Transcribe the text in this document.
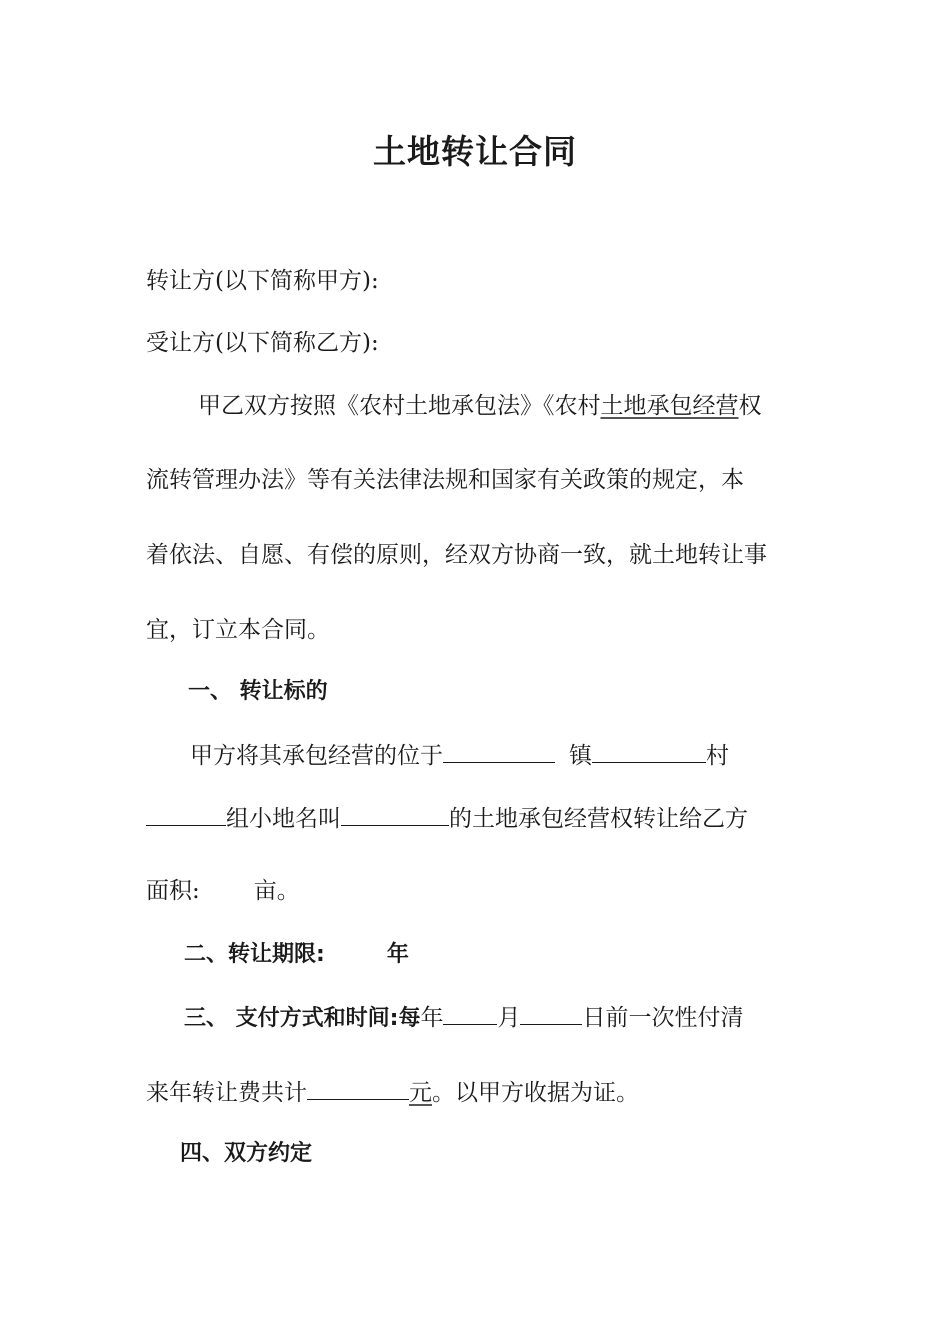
土地转让合同
转让方(以下简称甲方):
受让方(以下简称乙方):
甲乙双方按照《农村土地承包法》《农村土地承包经营权
流转管理办法》等有关法律法规和国家有关政策的规定，本
着依法、自愿、有偿的原则，经双方协商一致，就土地转让事
宜，订立本合同。
一、 转让标的
甲方将其承包经营的位于	镇	村
组小地名叫	的土地承包经营权转让给乙方
面积: 亩。
二、转让期限:	年
三、 支付方式和时间:每年 月	日前一次性付清
来年转让费共计	元。以甲方收据为证。
四、双方约定
